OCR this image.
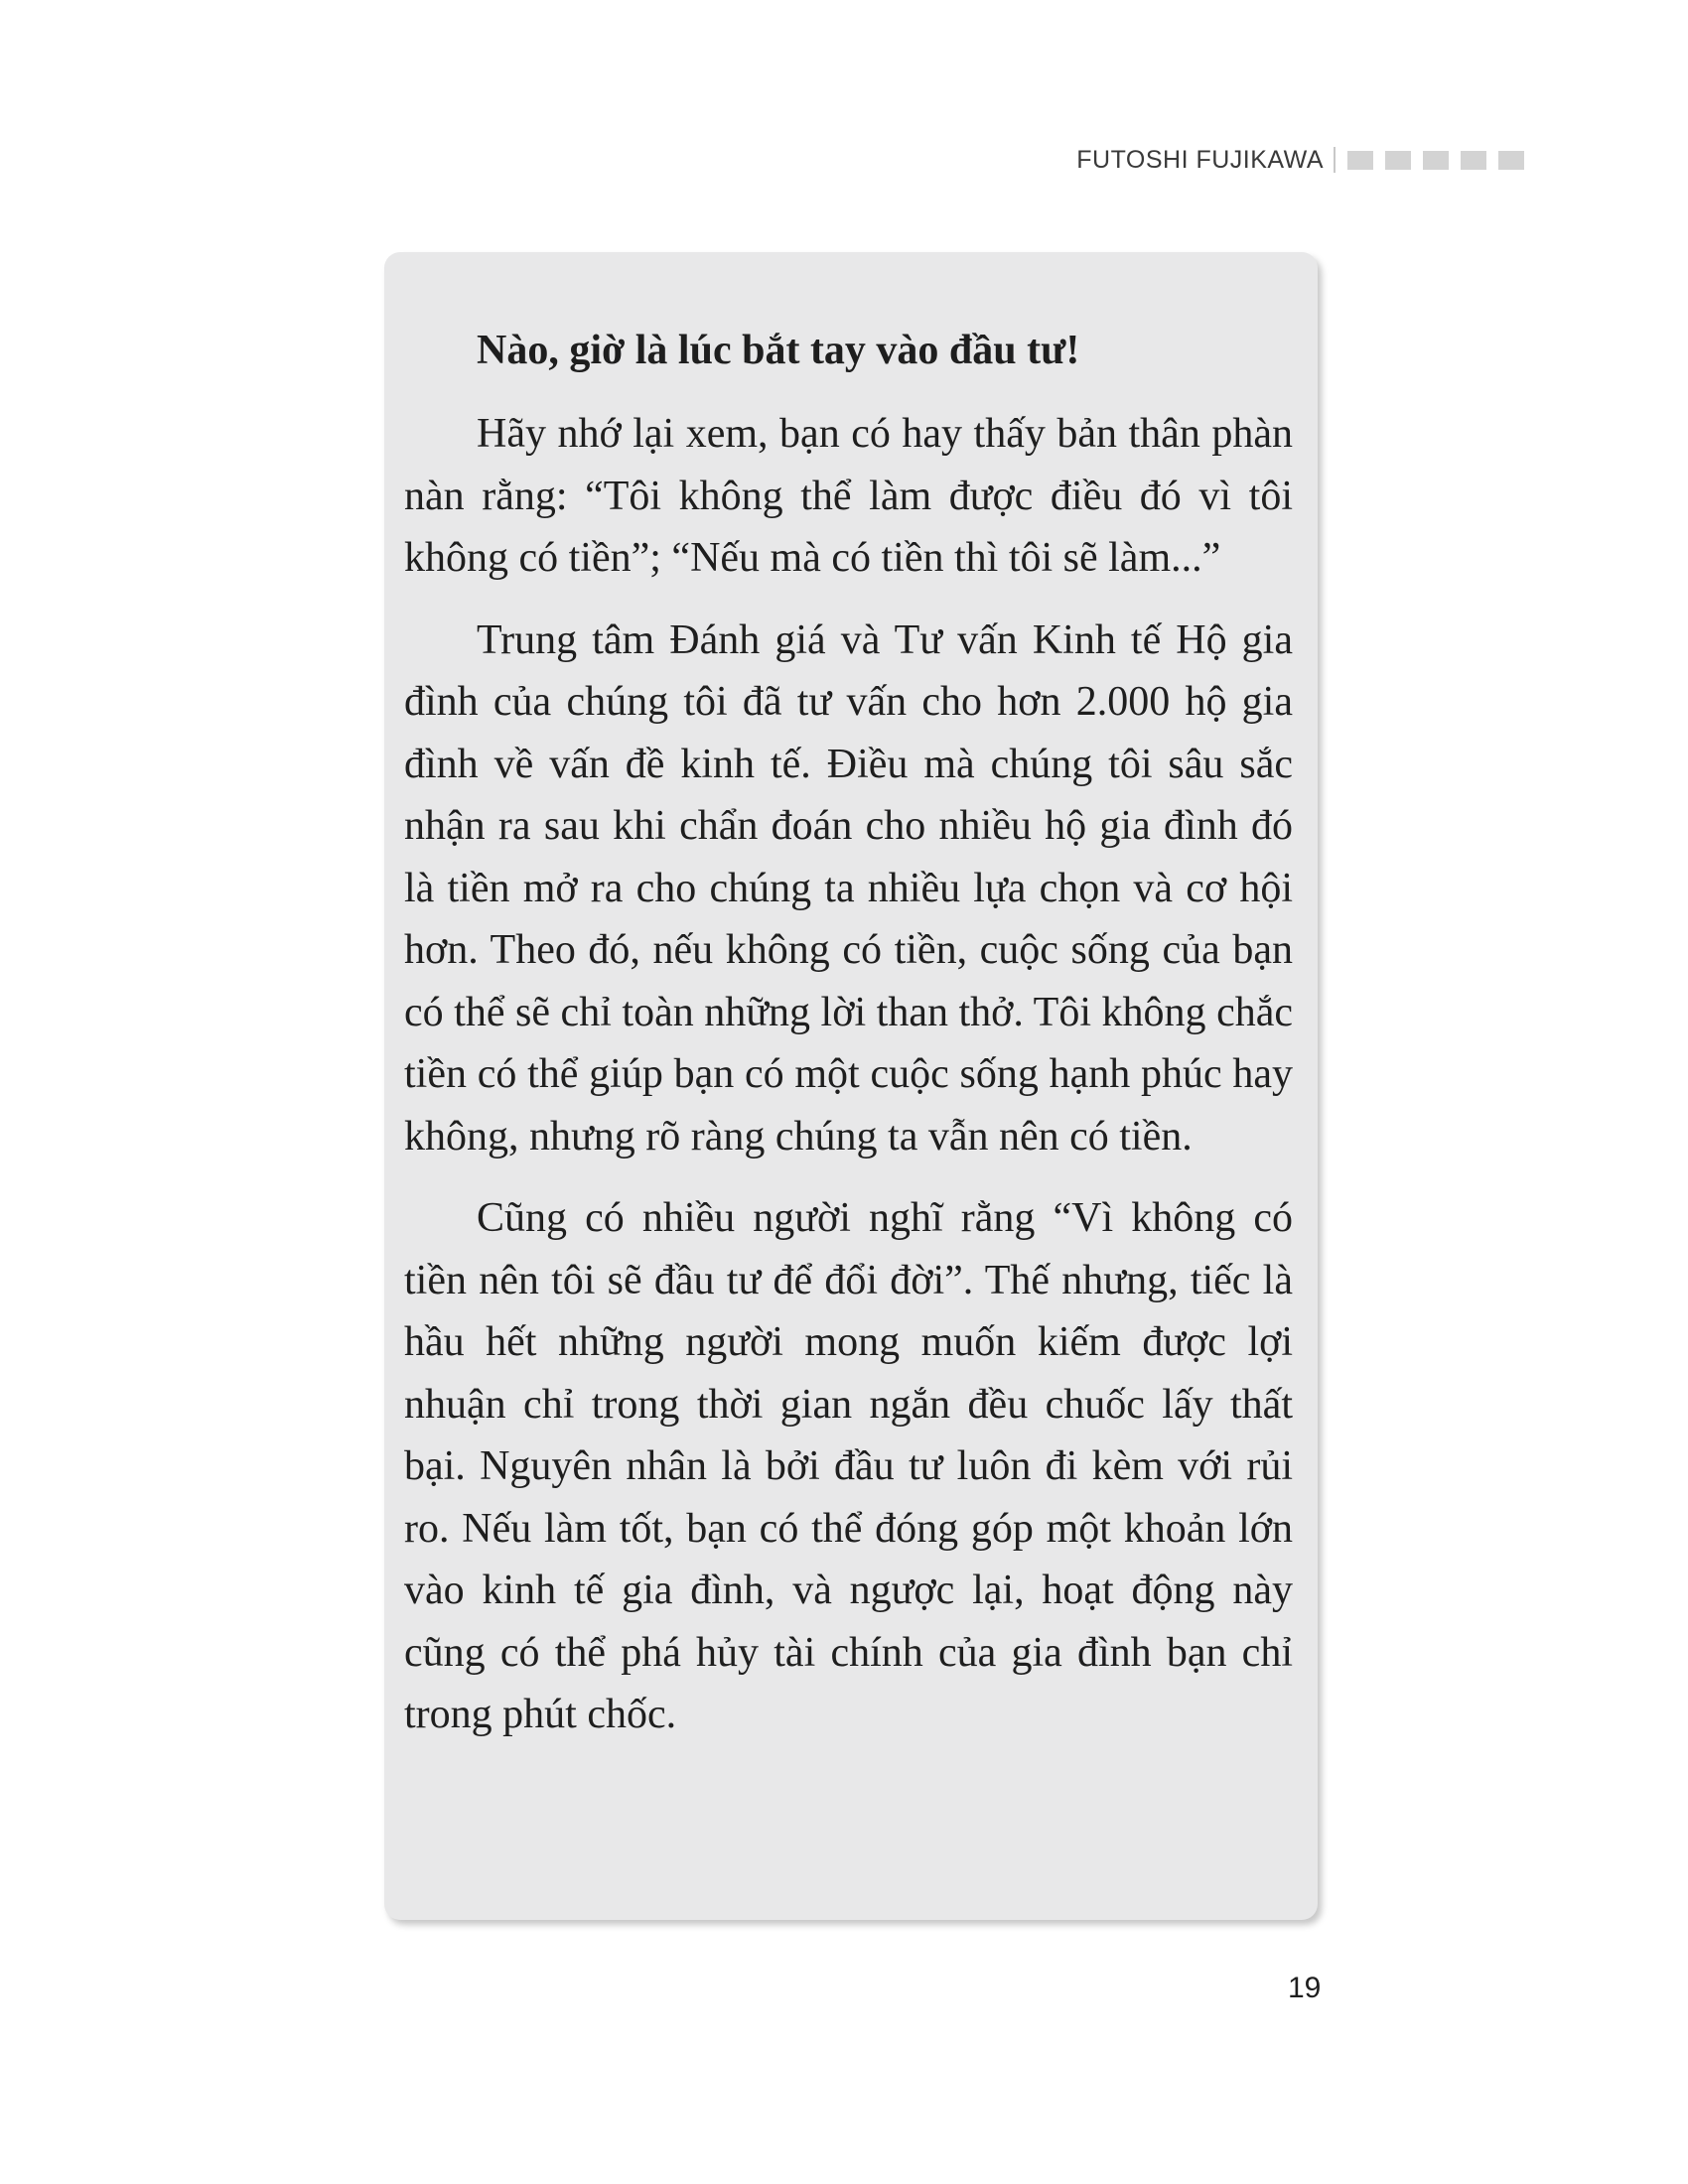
FUTOSHI FUJIKAWA

Nào, giờ là lúc bắt tay vào đầu tư!

Hãy nhớ lại xem, bạn có hay thấy bản thân phàn nàn rằng: “Tôi không thể làm được điều đó vì tôi không có tiền”; “Nếu mà có tiền thì tôi sẽ làm...”

Trung tâm Đánh giá và Tư vấn Kinh tế Hộ gia đình của chúng tôi đã tư vấn cho hơn 2.000 hộ gia đình về vấn đề kinh tế. Điều mà chúng tôi sâu sắc nhận ra sau khi chẩn đoán cho nhiều hộ gia đình đó là tiền mở ra cho chúng ta nhiều lựa chọn và cơ hội hơn. Theo đó, nếu không có tiền, cuộc sống của bạn có thể sẽ chỉ toàn những lời than thở. Tôi không chắc tiền có thể giúp bạn có một cuộc sống hạnh phúc hay không, nhưng rõ ràng chúng ta vẫn nên có tiền.

Cũng có nhiều người nghĩ rằng “Vì không có tiền nên tôi sẽ đầu tư để đổi đời”. Thế nhưng, tiếc là hầu hết những người mong muốn kiếm được lợi nhuận chỉ trong thời gian ngắn đều chuốc lấy thất bại. Nguyên nhân là bởi đầu tư luôn đi kèm với rủi ro. Nếu làm tốt, bạn có thể đóng góp một khoản lớn vào kinh tế gia đình, và ngược lại, hoạt động này cũng có thể phá hủy tài chính của gia đình bạn chỉ trong phút chốc.

19
